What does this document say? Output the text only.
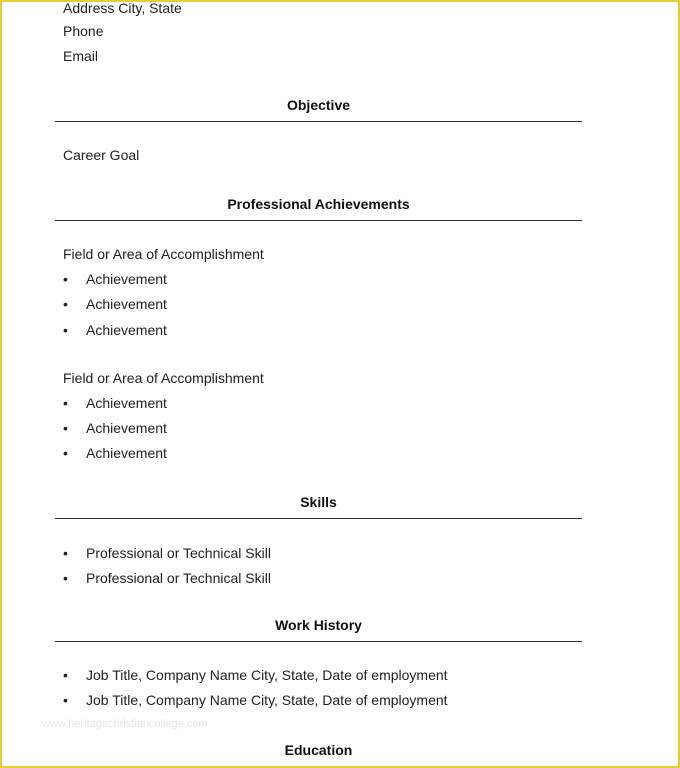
Address City, State
Phone
Email
Objective
Career Goal
Professional Achievements
Field or Area of Accomplishment
• Achievement
• Achievement
• Achievement
Field or Area of Accomplishment
• Achievement
• Achievement
• Achievement
Skills
• Professional or Technical Skill
• Professional or Technical Skill
Work History
• Job Title, Company Name City, State, Date of employment
• Job Title, Company Name City, State, Date of employment
www.heritagechristiancollege.com
Education
